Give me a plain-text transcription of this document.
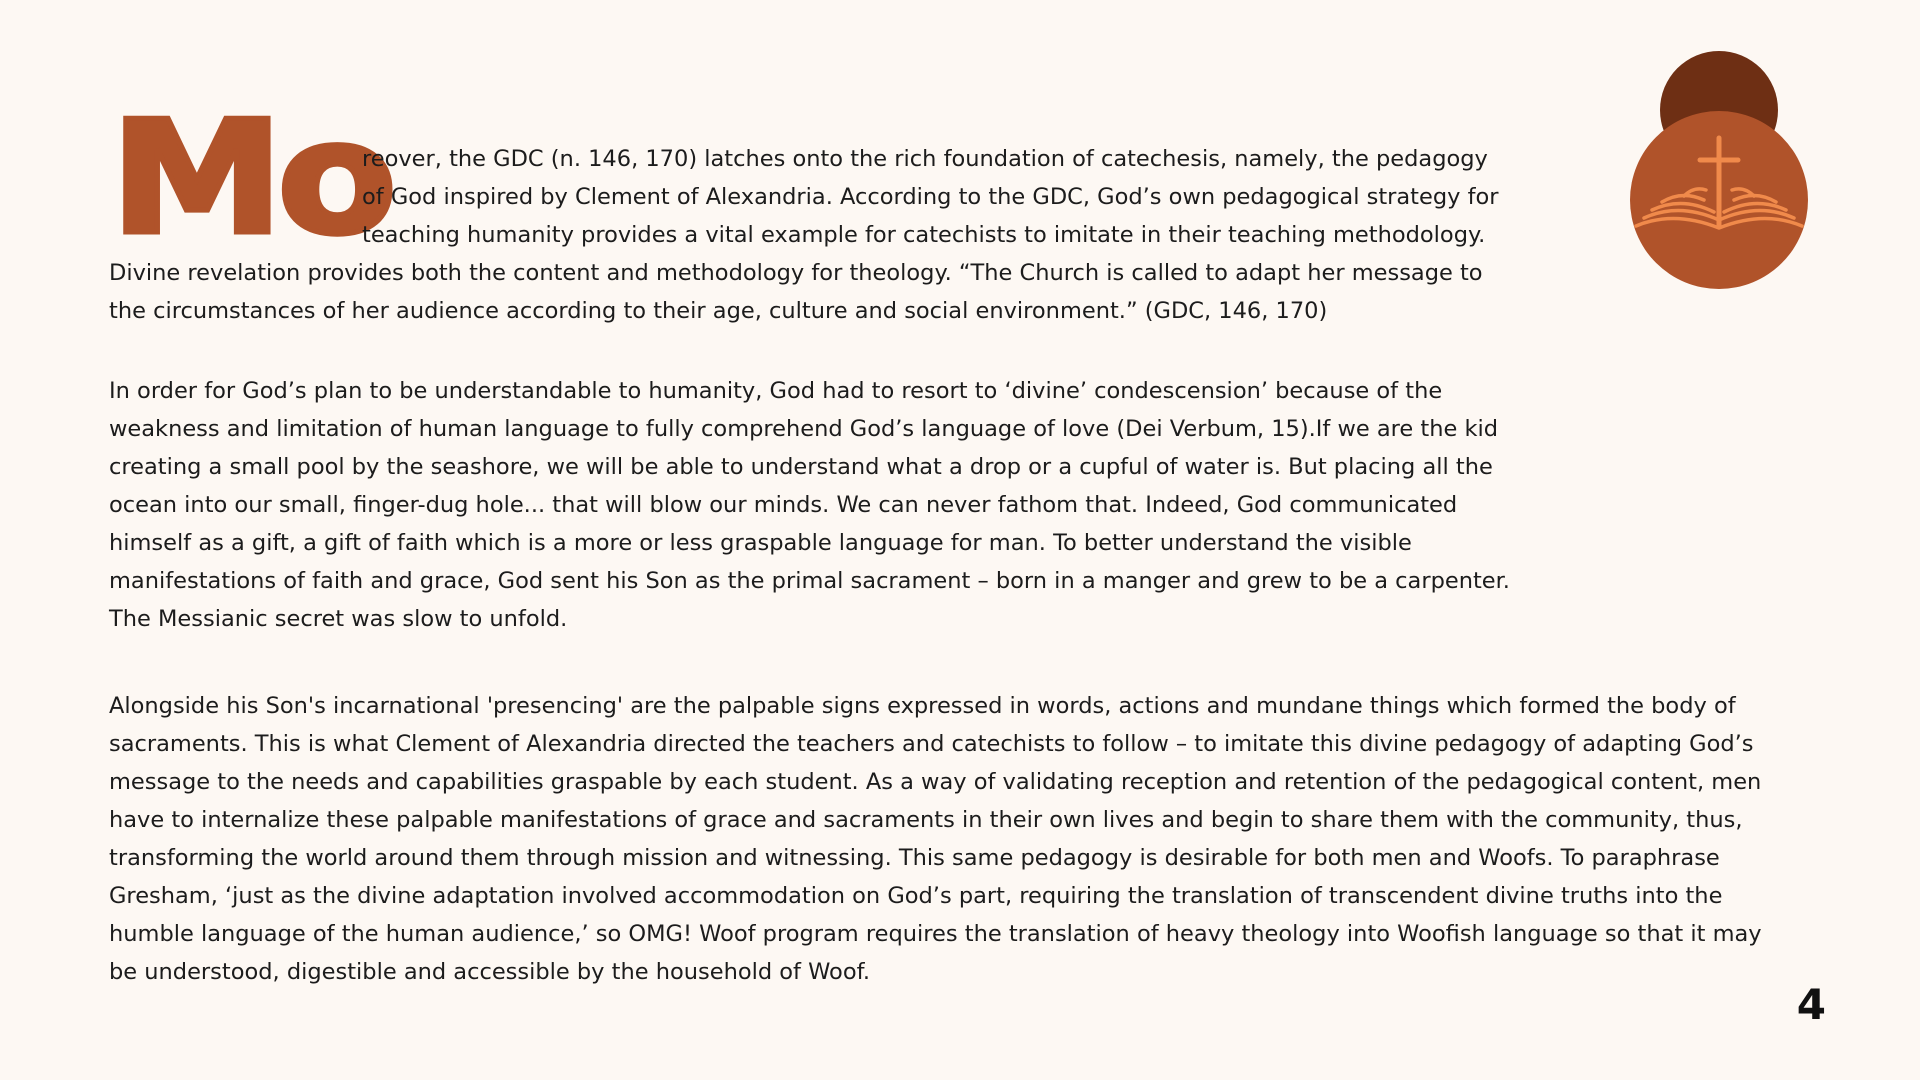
Mo
reover, the GDC (n. 146, 170) latches onto the rich foundation of catechesis, namely, the pedagogy
of God inspired by Clement of Alexandria. According to the GDC, God’s own pedagogical strategy for
teaching humanity provides a vital example for catechists to imitate in their teaching methodology.
Divine revelation provides both the content and methodology for theology. “The Church is called to adapt her message to
the circumstances of her audience according to their age, culture and social environment.” (GDC, 146, 170)
In order for God’s plan to be understandable to humanity, God had to resort to ‘divine’ condescension’ because of the
weakness and limitation of human language to fully comprehend God’s language of love (Dei Verbum, 15).If we are the kid
creating a small pool by the seashore, we will be able to understand what a drop or a cupful of water is. But placing all the
ocean into our small, finger-dug hole... that will blow our minds. We can never fathom that. Indeed, God communicated
himself as a gift, a gift of faith which is a more or less graspable language for man. To better understand the visible
manifestations of faith and grace, God sent his Son as the primal sacrament – born in a manger and grew to be a carpenter.
The Messianic secret was slow to unfold.
Alongside his Son's incarnational 'presencing' are the palpable signs expressed in words, actions and mundane things which formed the body of
sacraments. This is what Clement of Alexandria directed the teachers and catechists to follow – to imitate this divine pedagogy of adapting God’s
message to the needs and capabilities graspable by each student. As a way of validating reception and retention of the pedagogical content, men
have to internalize these palpable manifestations of grace and sacraments in their own lives and begin to share them with the community, thus,
transforming the world around them through mission and witnessing. This same pedagogy is desirable for both men and Woofs. To paraphrase
Gresham, ‘just as the divine adaptation involved accommodation on God’s part, requiring the translation of transcendent divine truths into the
humble language of the human audience,’ so OMG! Woof program requires the translation of heavy theology into Woofish language so that it may
be understood, digestible and accessible by the household of Woof.
4
